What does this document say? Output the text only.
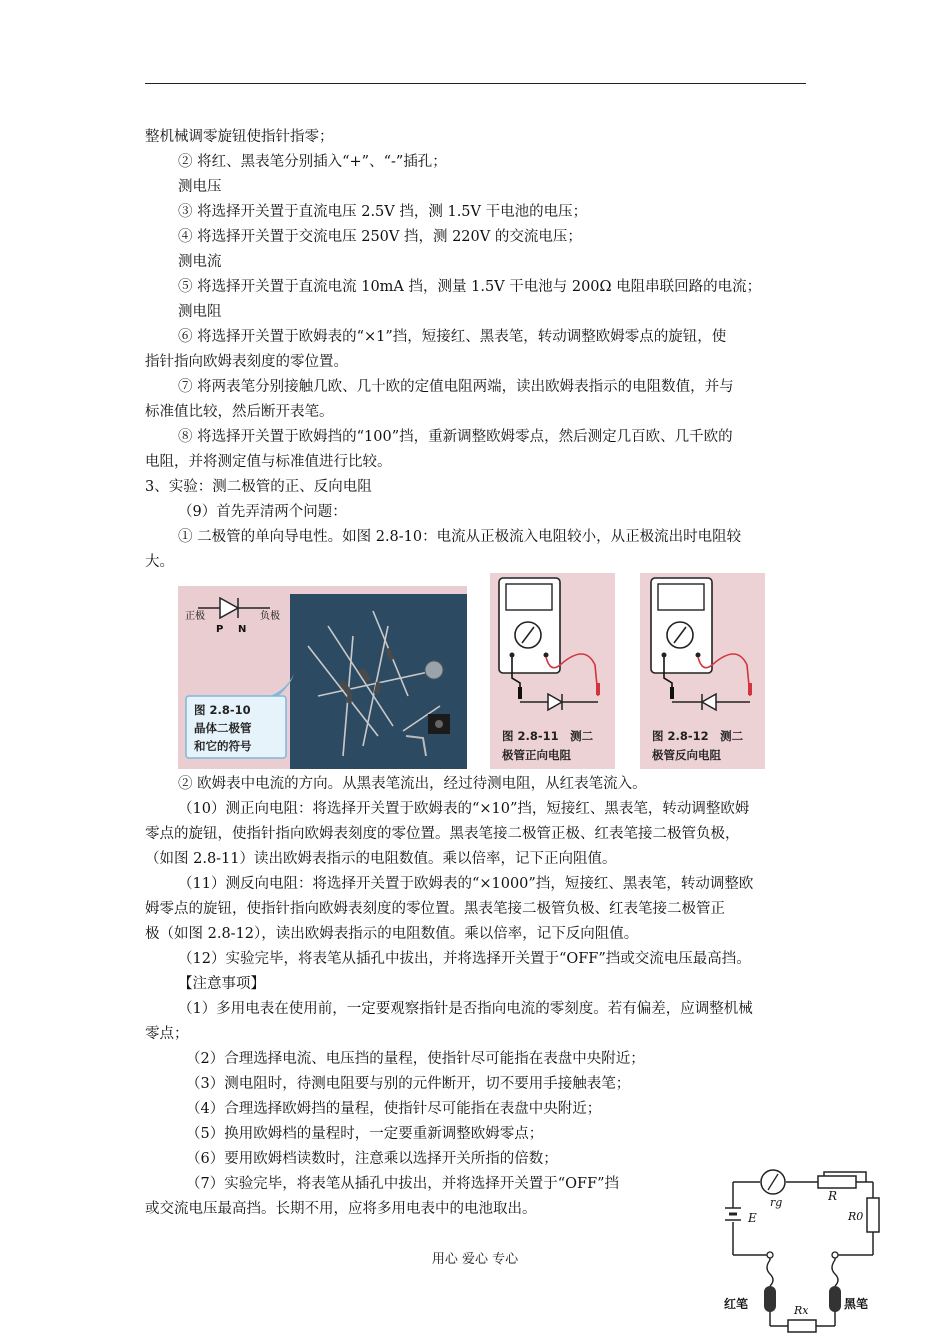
整机械调零旋钮使指针指零；
② 将红、黑表笔分别插入“+”、“-”插孔；
测电压
③ 将选择开关置于直流电压 2.5V 挡，测 1.5V 干电池的电压；
④ 将选择开关置于交流电压 250V 挡，测 220V 的交流电压；
测电流
⑤ 将选择开关置于直流电流 10mA 挡，测量 1.5V 干电池与 200Ω 电阻串联回路的电流；
测电阻
⑥ 将选择开关置于欧姆表的“×1”挡，短接红、黑表笔，转动调整欧姆零点的旋钮，使
指针指向欧姆表刻度的零位置。
⑦ 将两表笔分别接触几欧、几十欧的定值电阻两端，读出欧姆表指示的电阻数值，并与
标准值比较，然后断开表笔。
⑧ 将选择开关置于欧姆挡的“100”挡，重新调整欧姆零点，然后测定几百欧、几千欧的
电阻，并将测定值与标准值进行比较。
3、实验：测二极管的正、反向电阻
（9）首先弄清两个问题：
① 二极管的单向导电性。如图 2.8-10：电流从正极流入电阻较小，从正极流出时电阻较
大。
正极	负极
P N
图 2.8-10
晶体二极管
和它的符号
图 2.8-11　测二
极管正向电阻
图 2.8-12　测二
极管反向电阻
② 欧姆表中电流的方向。从黑表笔流出，经过待测电阻，从红表笔流入。
（10）测正向电阻：将选择开关置于欧姆表的“×10”挡，短接红、黑表笔，转动调整欧姆
零点的旋钮，使指针指向欧姆表刻度的零位置。黑表笔接二极管正极、红表笔接二极管负极，
（如图 2.8-11）读出欧姆表指示的电阻数值。乘以倍率，记下正向阻值。
（11）测反向电阻：将选择开关置于欧姆表的“×1000”挡，短接红、黑表笔，转动调整欧
姆零点的旋钮，使指针指向欧姆表刻度的零位置。黑表笔接二极管负极、红表笔接二极管正
极（如图 2.8-12），读出欧姆表指示的电阻数值。乘以倍率，记下反向阻值。
（12）实验完毕，将表笔从插孔中拔出，并将选择开关置于“OFF”挡或交流电压最高挡。
【注意事项】
（1）多用电表在使用前，一定要观察指针是否指向电流的零刻度。若有偏差，应调整机械
零点；
（2）合理选择电流、电压挡的量程，使指针尽可能指在表盘中央附近；
（3）测电阻时，待测电阻要与别的元件断开，切不要用手接触表笔；
（4）合理选择欧姆挡的量程，使指针尽可能指在表盘中央附近；
（5）换用欧姆档的量程时，一定要重新调整欧姆零点；
（6）要用欧姆档读数时，注意乘以选择开关所指的倍数；
（7）实验完毕，将表笔从插孔中拔出，并将选择开关置于“OFF”挡
或交流电压最高挡。长期不用，应将多用电表中的电池取出。	rg	R
E	R0
Rx
红笔	黑笔
用心 爱心 专心
